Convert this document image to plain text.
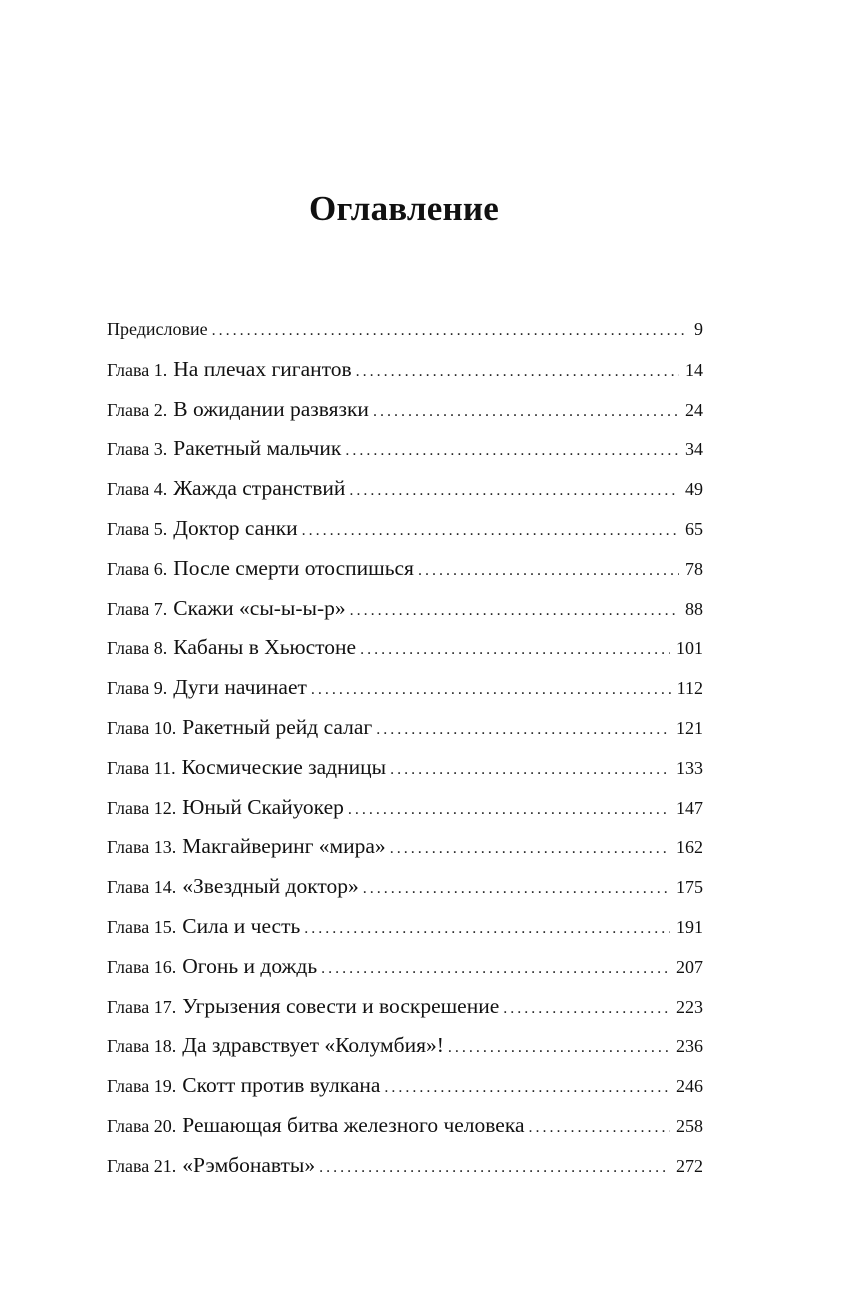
Оглавление
Предисловие . . .	9
Глава 1. На плечах гигантов . . .	14
Глава 2. В ожидании развязки . . .	24
Глава 3. Ракетный мальчик . . .	34
Глава 4. Жажда странствий . . .	49
Глава 5. Доктор санки . . .	65
Глава 6. После смерти отоспишься . . .	78
Глава 7. Скажи «сы-ы-ы-р» . . .	88
Глава 8. Кабаны в Хьюстоне . . .	101
Глава 9. Дуги начинает . . .	112
Глава 10. Ракетный рейд салаг . . .	121
Глава 11. Космические задницы . . .	133
Глава 12. Юный Скайуокер . . .	147
Глава 13. Макгайверинг «мира» . . .	162
Глава 14. «Звездный доктор» . . .	175
Глава 15. Сила и честь . . .	191
Глава 16. Огонь и дождь . . .	207
Глава 17. Угрызения совести и воскрешение . . .	223
Глава 18. Да здравствует «Колумбия»! . . .	236
Глава 19. Скотт против вулкана . . .	246
Глава 20. Решающая битва железного человека . . .	258
Глава 21. «Рэмбонавты» . . .	272
